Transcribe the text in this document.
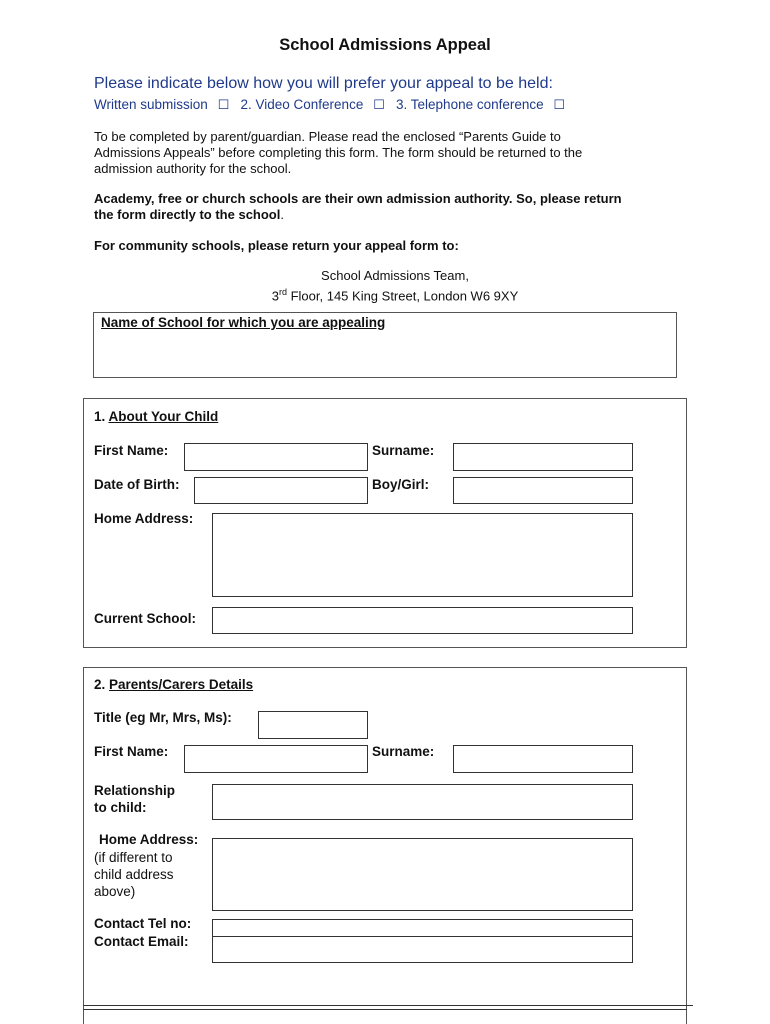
School Admissions Appeal
Please indicate below how you will prefer your appeal to be held:
Written submission ☐ 2. Video Conference ☐ 3. Telephone conference ☐
To be completed by parent/guardian. Please read the enclosed “Parents Guide to
Admissions Appeals” before completing this form. The form should be returned to the
admission authority for the school.
Academy, free or church schools are their own admission authority. So, please return
the form directly to the school.
For community schools, please return your appeal form to:
School Admissions Team,
3rd Floor, 145 King Street, London W6 9XY
Name of School for which you are appealing
1. About Your Child
First Name:	Surname:
Date of Birth:	Boy/Girl:
Home Address:
Current School:
2. Parents/Carers Details
Title (eg Mr, Mrs, Ms):
First Name:	Surname:
Relationship
to child:
Home Address:
(if different to
child address
above)
Contact Tel no:
Contact Email:
